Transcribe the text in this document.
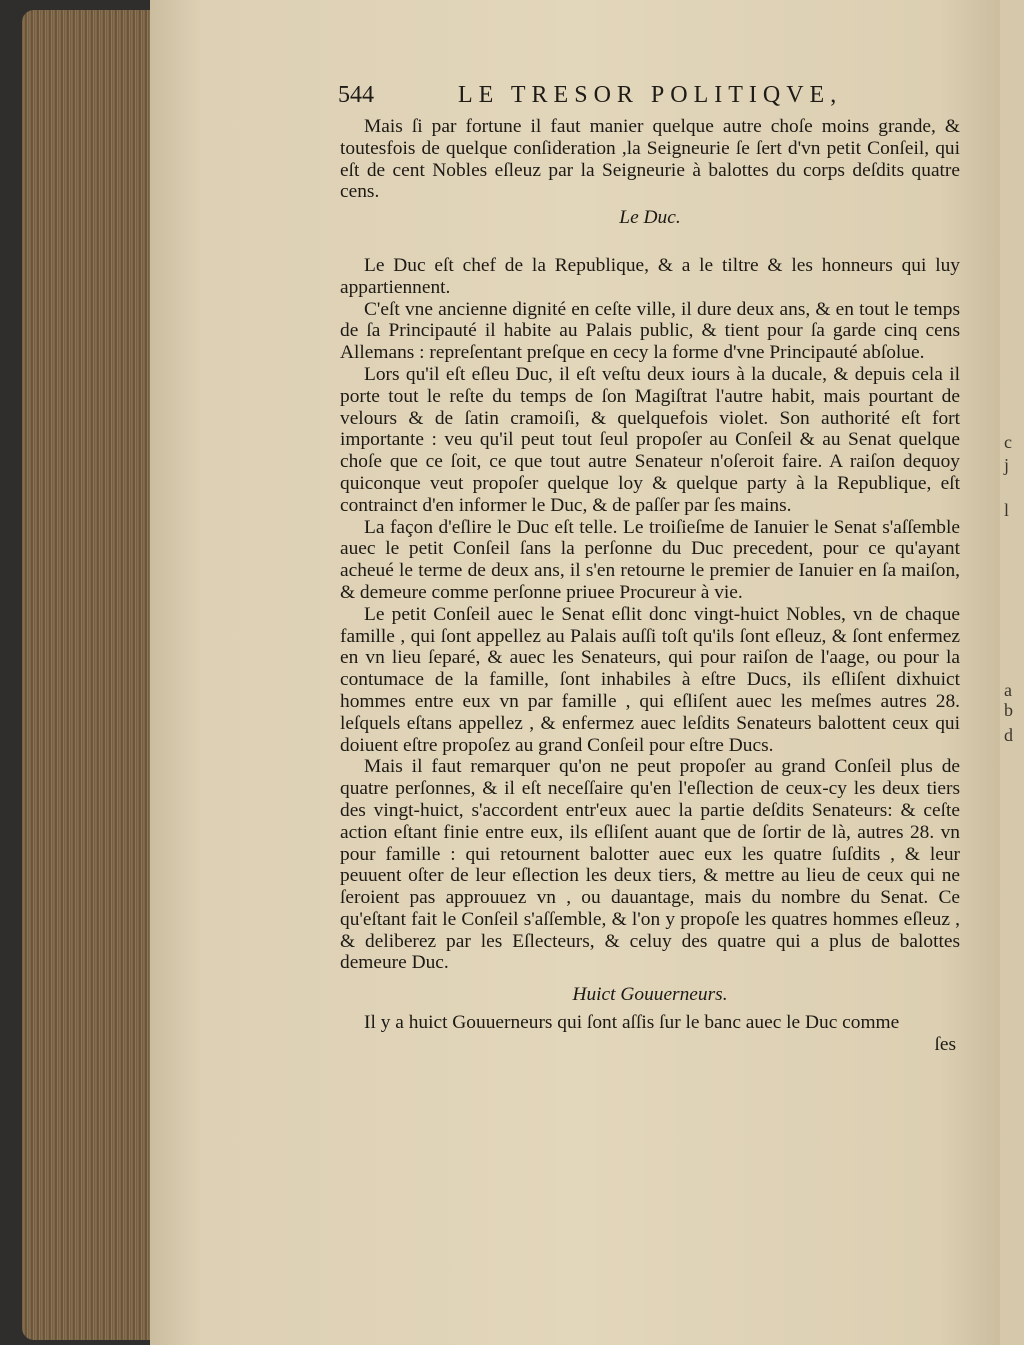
c
j
l
a
b
d
544	LE TRESOR POLITIQVE,

Mais ſi par fortune il faut manier quelque autre choſe moins grande, & toutesfois de quelque conſideration ,la Seigneurie ſe ſert d'vn petit Conſeil, qui eſt de cent Nobles eſleuz par la Seigneurie à balottes du corps deſdits quatre cens.

Le Duc.

Le Duc eſt chef de la Republique, & a le tiltre & les honneurs qui luy appartiennent.

C'eſt vne ancienne dignité en ceſte ville, il dure deux ans, & en tout le temps de ſa Principauté il habite au Palais public, & tient pour ſa garde cinq cens Allemans : repreſentant preſque en cecy la forme d'vne Principauté abſolue.

Lors qu'il eſt eſleu Duc, il eſt veſtu deux iours à la ducale, & depuis cela il porte tout le reſte du temps de ſon Magiſtrat l'autre habit, mais pourtant de velours & de ſatin cramoiſi, & quelquefois violet. Son authorité eſt fort importante : veu qu'il peut tout ſeul propoſer au Conſeil & au Senat quelque choſe que ce ſoit, ce que tout autre Senateur n'oſeroit faire. A raiſon dequoy quiconque veut propoſer quelque loy & quelque party à la Republique, eſt contrainct d'en informer le Duc, & de paſſer par ſes mains.

La façon d'eſlire le Duc eſt telle. Le troiſieſme de Ianuier le Senat s'aſſemble auec le petit Conſeil ſans la perſonne du Duc precedent, pour ce qu'ayant acheué le terme de deux ans, il s'en retourne le premier de Ianuier en ſa maiſon, & demeure comme perſonne priuee Procureur à vie.

Le petit Conſeil auec le Senat eſlit donc vingt-huict Nobles, vn de chaque famille , qui ſont appellez au Palais auſſi toſt qu'ils ſont eſleuz, & ſont enfermez en vn lieu ſeparé, & auec les Senateurs, qui pour raiſon de l'aage, ou pour la contumace de la famille, ſont inhabiles à eſtre Ducs, ils eſliſent dixhuict hommes entre eux vn par famille , qui eſliſent auec les meſmes autres 28. leſquels eſtans appellez , & enfermez auec leſdits Senateurs balottent ceux qui doiuent eſtre propoſez au grand Conſeil pour eſtre Ducs.

Mais il faut remarquer qu'on ne peut propoſer au grand Conſeil plus de quatre perſonnes, & il eſt neceſſaire qu'en l'eſlection de ceux-cy les deux tiers des vingt-huict, s'accordent entr'eux auec la partie deſdits Senateurs: & ceſte action eſtant finie entre eux, ils eſliſent auant que de ſortir de là, autres 28. vn pour famille : qui retournent balotter auec eux les quatre ſuſdits , & leur peuuent oſter de leur eſlection les deux tiers, & mettre au lieu de ceux qui ne ſeroient pas approuuez vn , ou dauantage, mais du nombre du Senat. Ce qu'eſtant fait le Conſeil s'aſſemble, & l'on y propoſe les quatres hommes eſleuz , & deliberez par les Eſlecteurs, & celuy des quatre qui a plus de balottes demeure Duc.

Huict Gouuerneurs.

Il y a huict Gouuerneurs qui ſont aſſis ſur le banc auec le Duc comme

ſes
